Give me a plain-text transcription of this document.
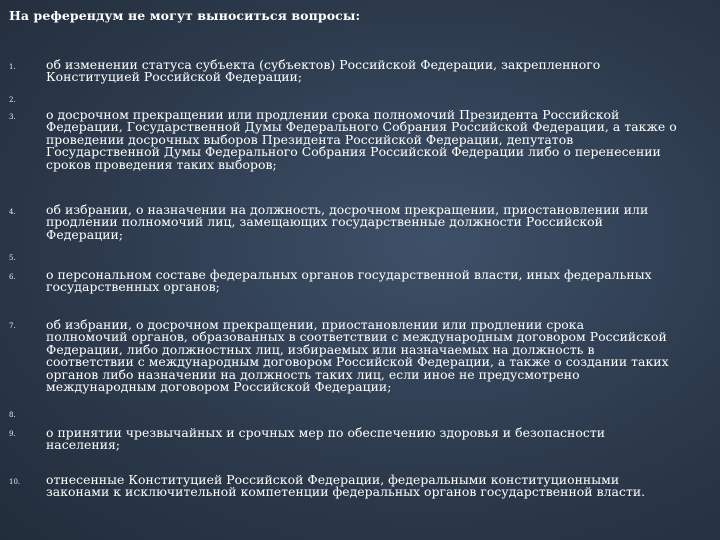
На референдум не могут выноситься вопросы:
1.
2.
3.
4.
5.
6.
7.
8.
9.
10.
об изменении статуса субъекта (субъектов) Российской Федерации, закрепленного
Конституцией Российской Федерации;
о досрочном прекращении или продлении срока полномочий Президента Российской
Федерации, Государственной Думы Федерального Собрания Российской Федерации, а также о
проведении досрочных выборов Президента Российской Федерации, депутатов
Государственной Думы Федерального Собрания Российской Федерации либо о перенесении
сроков проведения таких выборов;
об избрании, о назначении на должность, досрочном прекращении, приостановлении или
продлении полномочий лиц, замещающих государственные должности Российской
Федерации;
о персональном составе федеральных органов государственной власти, иных федеральных
государственных органов;
об избрании, о досрочном прекращении, приостановлении или продлении срока
полномочий органов, образованных в соответствии с международным договором Российской
Федерации, либо должностных лиц, избираемых или назначаемых на должность в
соответствии с международным договором Российской Федерации, а также о создании таких
органов либо назначении на должность таких лиц, если иное не предусмотрено
международным договором Российской Федерации;
о принятии чрезвычайных и срочных мер по обеспечению здоровья и безопасности
населения;
отнесенные Конституцией Российской Федерации, федеральными конституционными
законами к исключительной компетенции федеральных органов государственной власти.
